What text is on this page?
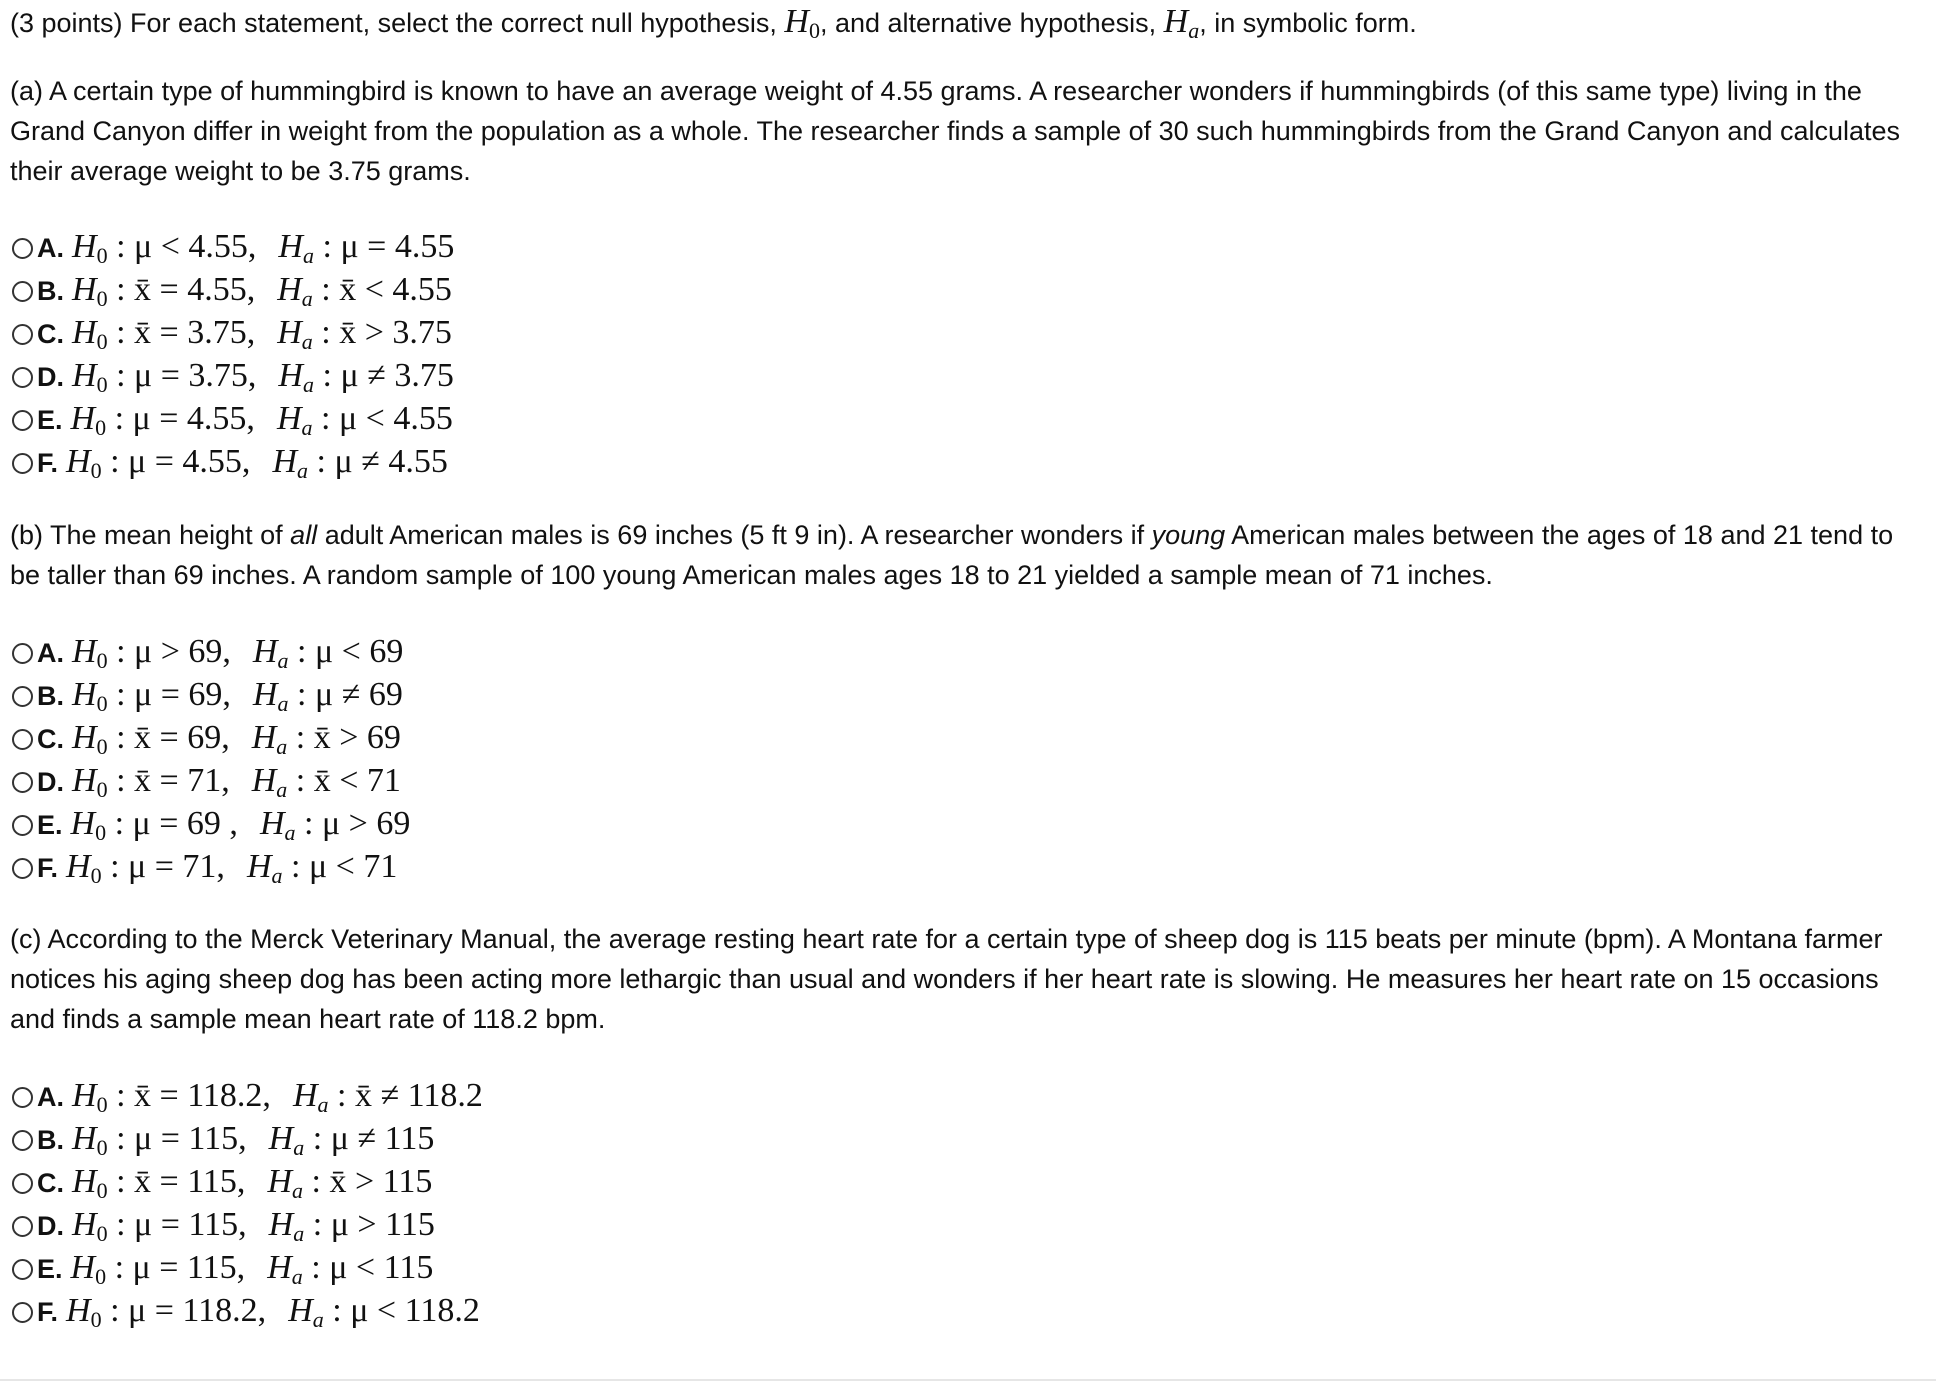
(3 points) For each statement, select the correct null hypothesis, $H_0$, and alternative hypothesis, Ha, in symbolic form.
(a) A certain type of hummingbird is known to have an average weight of 4.55 grams. A researcher wonders if hummingbirds (of this same type) living in the Grand Canyon differ in weight from the population as a whole. The researcher finds a sample of 30 such hummingbirds from the Grand Canyon and calculates their average weight to be 3.75 grams.
A. $H_0$ : μ < 4.55, Ha : μ = 4.55
B. $H_0$ : x̄ = 4.55, Ha : x̄ < 4.55
C. $H_0$ : x̄ = 3.75, Ha : x̄ > 3.75
D. $H_0$ : μ = 3.75, Ha : μ ≠ 3.75
E. $H_0$ : μ = 4.55, Ha : μ < 4.55
F. $H_0$ : μ = 4.55, Ha : μ ≠ 4.55
(b) The mean height of all adult American males is 69 inches (5 ft 9 in). A researcher wonders if young American males between the ages of 18 and 21 tend to be taller than 69 inches. A random sample of 100 young American males ages 18 to 21 yielded a sample mean of 71 inches.
A. $H_0$ : μ > 69, Ha : μ < 69
B. $H_0$ : μ = 69, Ha : μ ≠ 69
C. $H_0$ : x̄ = 69, Ha : x̄ > 69
D. $H_0$ : x̄ = 71, Ha : x̄ < 71
E. $H_0$ : μ = 69 , Ha : μ > 69
F. $H_0$ : μ = 71, Ha : μ < 71
(c) According to the Merck Veterinary Manual, the average resting heart rate for a certain type of sheep dog is 115 beats per minute (bpm). A Montana farmer notices his aging sheep dog has been acting more lethargic than usual and wonders if her heart rate is slowing. He measures her heart rate on 15 occasions and finds a sample mean heart rate of 118.2 bpm.
A. $H_0$ : x̄ = 118.2, Ha : x̄ ≠ 118.2
B. $H_0$ : μ = 115, Ha : μ ≠ 115
C. $H_0$ : x̄ = 115, Ha : x̄ > 115
D. $H_0$ : μ = 115, Ha : μ > 115
E. $H_0$ : μ = 115, Ha : μ < 115
F. $H_0$ : μ = 118.2, Ha : μ < 118.2
